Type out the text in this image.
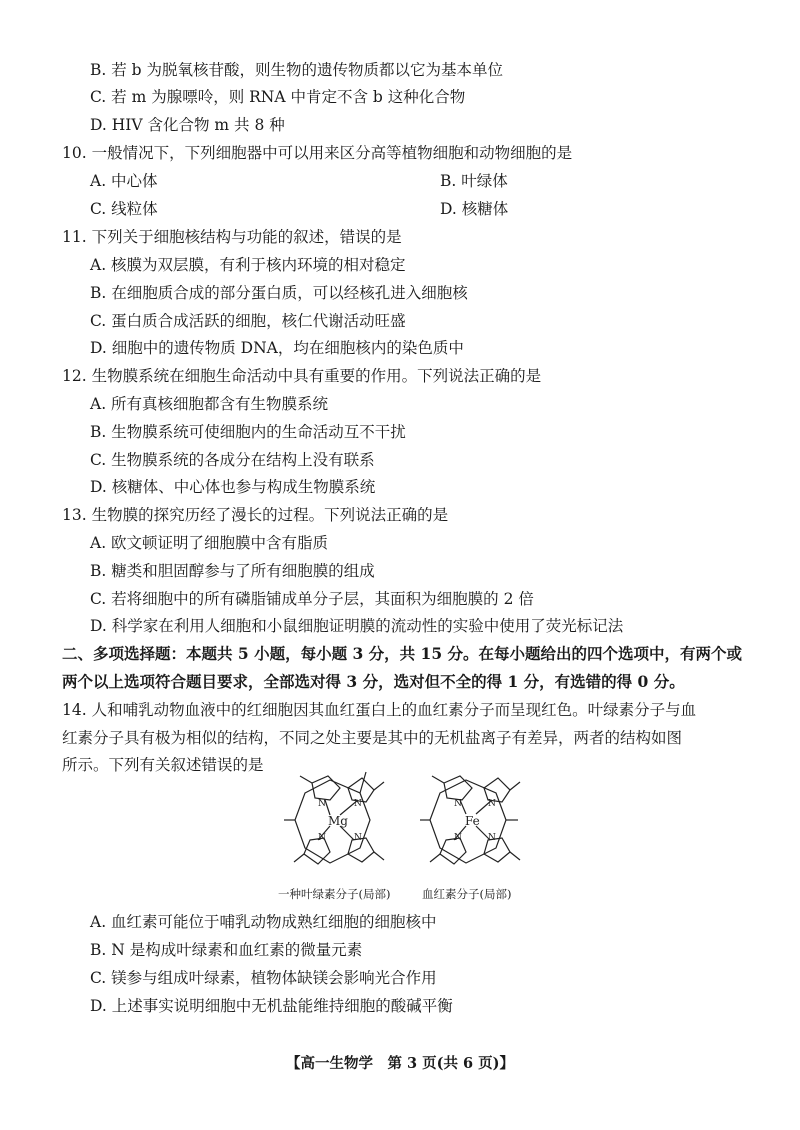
B. 若 b 为脱氧核苷酸，则生物的遗传物质都以它为基本单位
C. 若 m 为腺嘌呤，则 RNA 中肯定不含 b 这种化合物
D. HIV 含化合物 m 共 8 种
10. 一般情况下，下列细胞器中可以用来区分高等植物细胞和动物细胞的是
A. 中心体	B. 叶绿体
C. 线粒体	D. 核糖体
11. 下列关于细胞核结构与功能的叙述，错误的是
A. 核膜为双层膜，有利于核内环境的相对稳定
B. 在细胞质合成的部分蛋白质，可以经核孔进入细胞核
C. 蛋白质合成活跃的细胞，核仁代谢活动旺盛
D. 细胞中的遗传物质 DNA，均在细胞核内的染色质中
12. 生物膜系统在细胞生命活动中具有重要的作用。下列说法正确的是
A. 所有真核细胞都含有生物膜系统
B. 生物膜系统可使细胞内的生命活动互不干扰
C. 生物膜系统的各成分在结构上没有联系
D. 核糖体、中心体也参与构成生物膜系统
13. 生物膜的探究历经了漫长的过程。下列说法正确的是
A. 欧文顿证明了细胞膜中含有脂质
B. 糖类和胆固醇参与了所有细胞膜的组成
C. 若将细胞中的所有磷脂铺成单分子层，其面积为细胞膜的 2 倍
D. 科学家在利用人细胞和小鼠细胞证明膜的流动性的实验中使用了荧光标记法
二、多项选择题：本题共 5 小题，每小题 3 分，共 15 分。在每小题给出的四个选项中，有两个或
两个以上选项符合题目要求，全部选对得 3 分，选对但不全的得 1 分，有选错的得 0 分。
14. 人和哺乳动物血液中的红细胞因其血红蛋白上的血红素分子而呈现红色。叶绿素分子与血
红素分子具有极为相似的结构，不同之处主要是其中的无机盐离子有差异，两者的结构如图
所示。下列有关叙述错误的是
Mg
N	N
N	N
Fe
N	N
N	N
一种叶绿素分子(局部)	血红素分子(局部)
A. 血红素可能位于哺乳动物成熟红细胞的细胞核中
B. N 是构成叶绿素和血红素的微量元素
C. 镁参与组成叶绿素，植物体缺镁会影响光合作用
D. 上述事实说明细胞中无机盐能维持细胞的酸碱平衡
【高一生物学　第 3 页(共 6 页)】
